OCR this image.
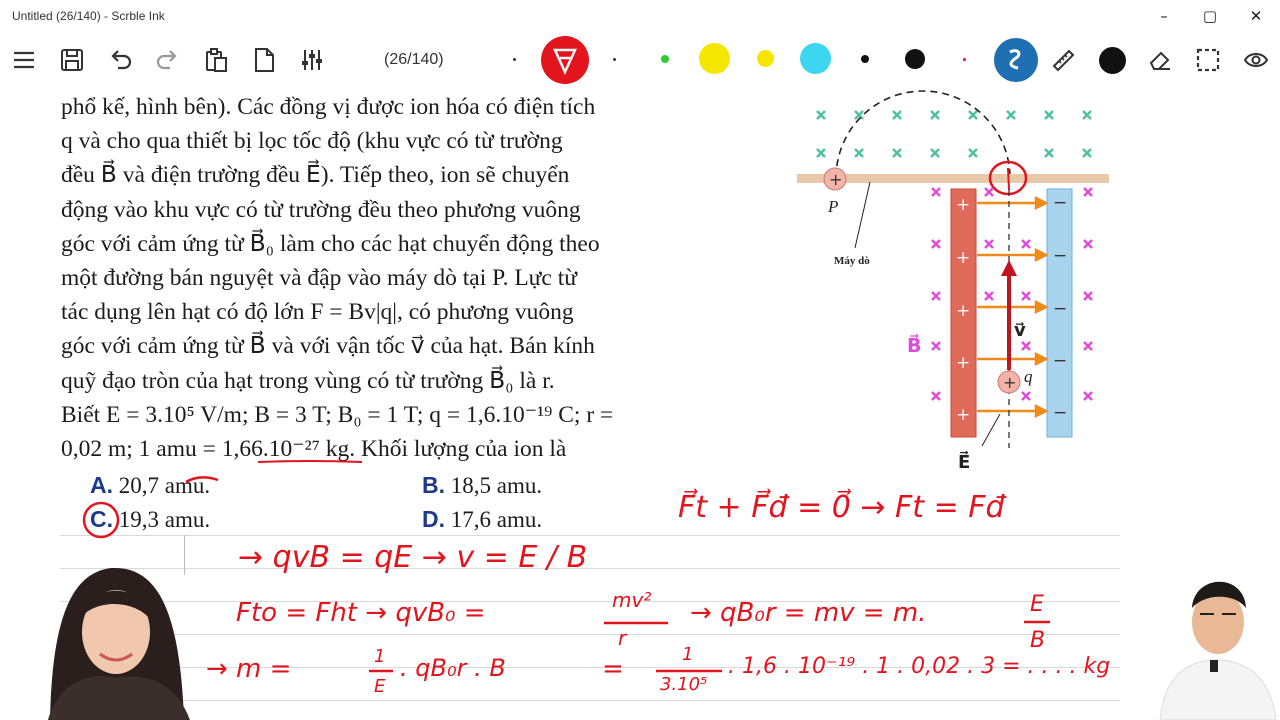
Untitled (26/140) - Scrble Ink	–	▢	✕
(26/140)
phổ kế, hình bên). Các đồng vị được ion hóa có điện tích
q và cho qua thiết bị lọc tốc độ (khu vực có từ trường
đều B⃗ và điện trường đều E⃗). Tiếp theo, ion sẽ chuyển
động vào khu vực có từ trường đều theo phương vuông
góc với cảm ứng từ B⃗₀ làm cho các hạt chuyển động theo
một đường bán nguyệt và đập vào máy dò tại P. Lực từ
tác dụng lên hạt có độ lớn F = Bv|q|, có phương vuông
góc với cảm ứng từ B⃗ và với vận tốc v⃗ của hạt. Bán kính
quỹ đạo tròn của hạt trong vùng có từ trường B⃗₀ là r.
Biết E = 3.10⁵ V/m; B = 3 T; B₀ = 1 T; q = 1,6.10⁻¹⁹ C; r =
0,02 m; 1 amu = 1,66.10⁻²⁷ kg. Khối lượng của ion là
A. 20,7 amu.	B. 18,5 amu.
C. 19,3 amu.	D. 17,6 amu.
+
P
Máy dò
+
+
+
+
+
−
−
−
−
−
v⃗
+ q
B⃗
E⃗
F⃗t + F⃗đ = 0⃗ → Ft = Fđ
→ qvB = qE → v = E / B
Fto = Fht → qvB₀ =	mv²
r
→ qB₀r = mv = m.	E
B
→ m =	1
E
. qB₀r . B	=	1
3.10⁵
. 1,6 . 10⁻¹⁹ . 1 . 0,02 . 3 = . . . . kg
